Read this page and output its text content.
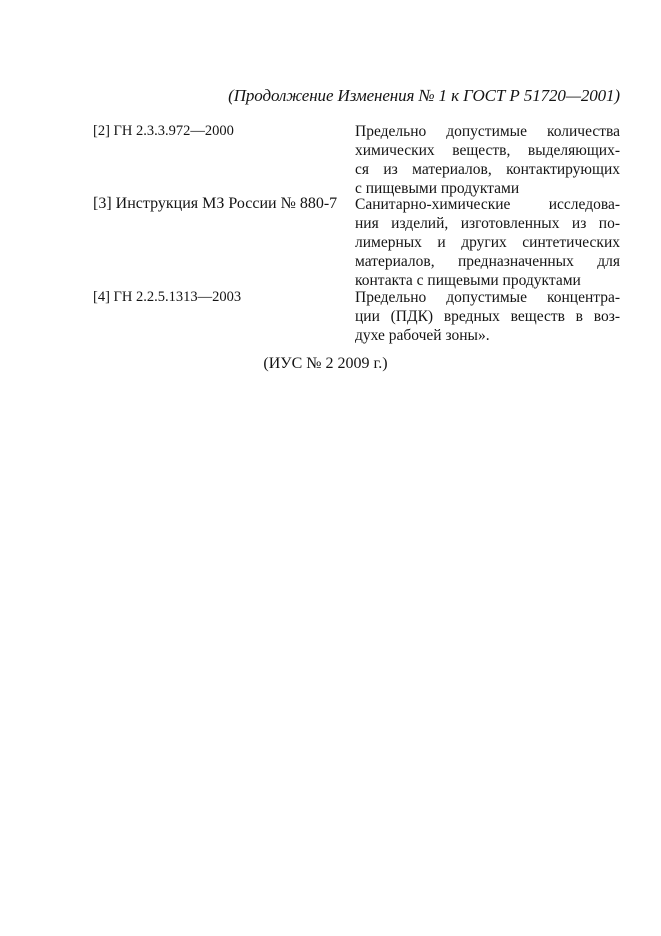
(Продолжение Изменения № 1 к ГОСТ Р 51720—2001)
[2] ГН 2.3.3.972—2000	Предельно допустимые количества
химических веществ, выделяющих-
ся из материалов, контактирующих
с пищевыми продуктами
[3] Инструкция МЗ России № 880-7	Санитарно-химические исследова-
ния изделий, изготовленных из по-
лимерных и других синтетических
материалов, предназначенных для
контакта с пищевыми продуктами
[4] ГН 2.2.5.1313—2003	Предельно допустимые концентра-
ции (ПДК) вредных веществ в воз-
духе рабочей зоны».
(ИУС № 2 2009 г.)
